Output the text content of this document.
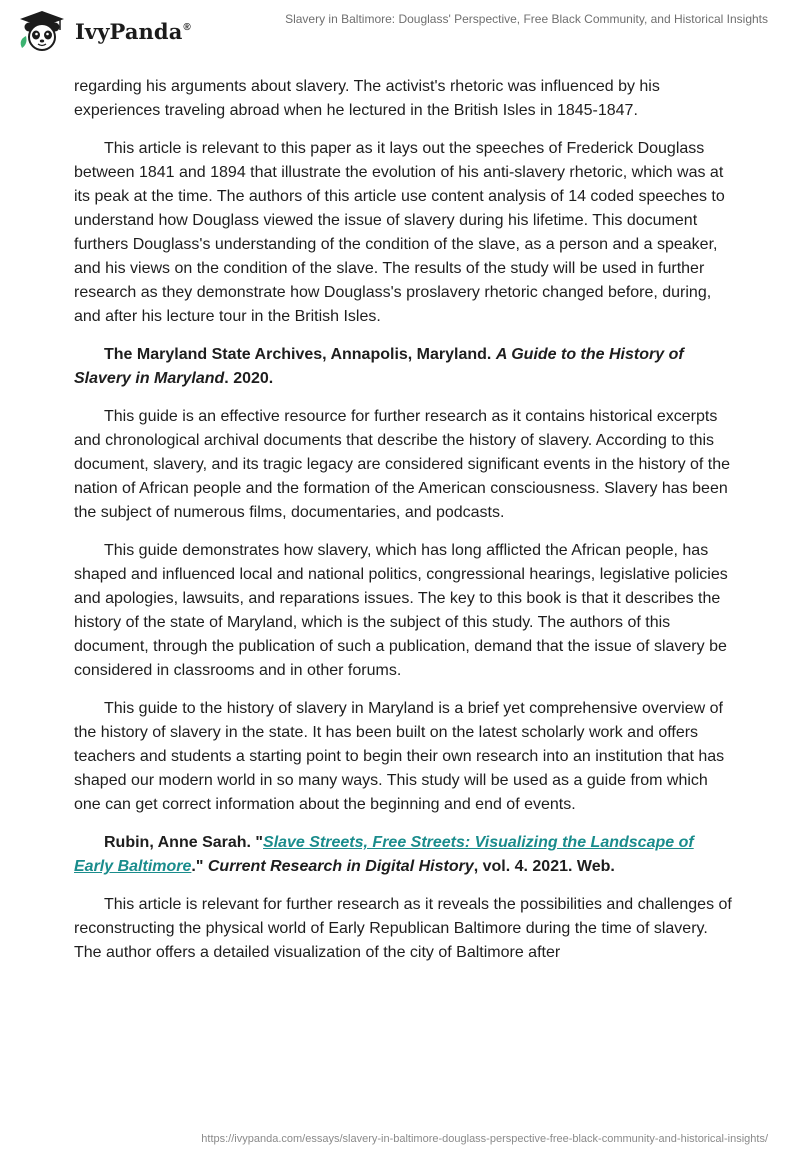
IvyPanda®
Slavery in Baltimore: Douglass' Perspective, Free Black Community, and Historical Insights

regarding his arguments about slavery. The activist's rhetoric was influenced by his experiences traveling abroad when he lectured in the British Isles in 1845-1847.

This article is relevant to this paper as it lays out the speeches of Frederick Douglass between 1841 and 1894 that illustrate the evolution of his anti-slavery rhetoric, which was at its peak at the time. The authors of this article use content analysis of 14 coded speeches to understand how Douglass viewed the issue of slavery during his lifetime. This document furthers Douglass's understanding of the condition of the slave, as a person and a speaker, and his views on the condition of the slave. The results of the study will be used in further research as they demonstrate how Douglass's proslavery rhetoric changed before, during, and after his lecture tour in the British Isles.

The Maryland State Archives, Annapolis, Maryland. A Guide to the History of Slavery in Maryland. 2020.

This guide is an effective resource for further research as it contains historical excerpts and chronological archival documents that describe the history of slavery. According to this document, slavery, and its tragic legacy are considered significant events in the history of the nation of African people and the formation of the American consciousness. Slavery has been the subject of numerous films, documentaries, and podcasts.

This guide demonstrates how slavery, which has long afflicted the African people, has shaped and influenced local and national politics, congressional hearings, legislative policies and apologies, lawsuits, and reparations issues. The key to this book is that it describes the history of the state of Maryland, which is the subject of this study. The authors of this document, through the publication of such a publication, demand that the issue of slavery be considered in classrooms and in other forums.

This guide to the history of slavery in Maryland is a brief yet comprehensive overview of the history of slavery in the state. It has been built on the latest scholarly work and offers teachers and students a starting point to begin their own research into an institution that has shaped our modern world in so many ways. This study will be used as a guide from which one can get correct information about the beginning and end of events.

Rubin, Anne Sarah. "Slave Streets, Free Streets: Visualizing the Landscape of Early Baltimore." Current Research in Digital History, vol. 4. 2021. Web.

This article is relevant for further research as it reveals the possibilities and challenges of reconstructing the physical world of Early Republican Baltimore during the time of slavery. The author offers a detailed visualization of the city of Baltimore after

https://ivypanda.com/essays/slavery-in-baltimore-douglass-perspective-free-black-community-and-historical-insights/
